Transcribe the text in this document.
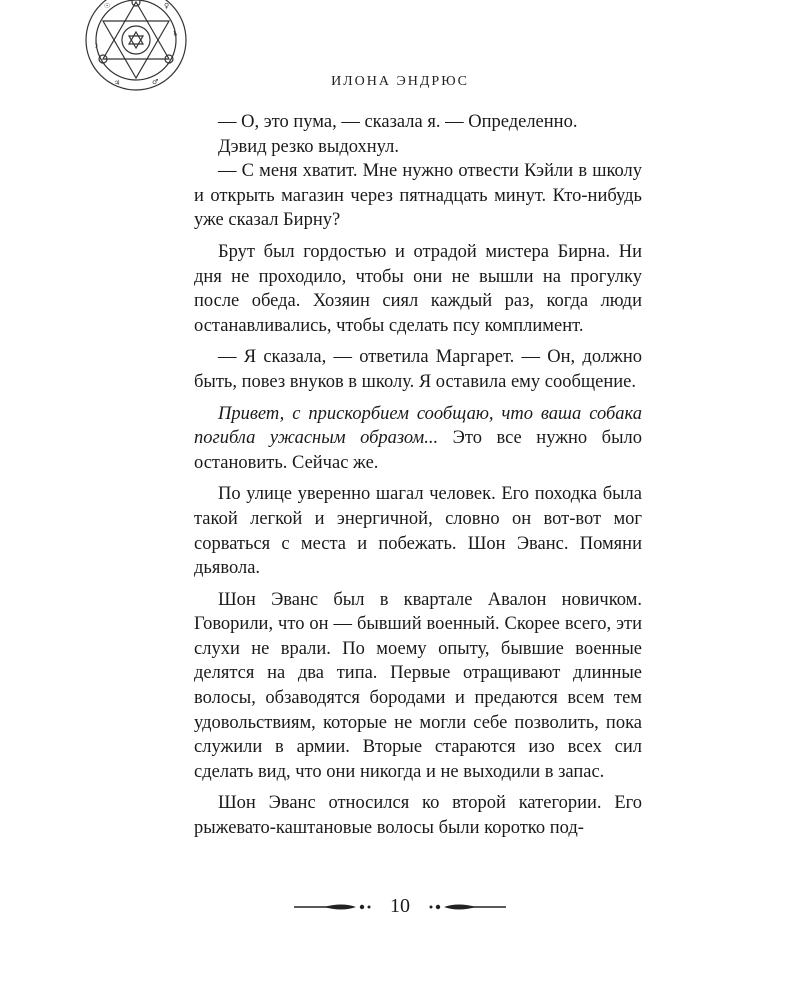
☽
♄
♃	♂
☉	♀
ИЛОНА ЭНДРЮС

— О, это пума, — сказала я. — Определенно.

Дэвид резко выдохнул.

— С меня хватит. Мне нужно отвести Кэйли в школу и открыть магазин через пятнадцать минут. Кто-нибудь уже сказал Бирну?

Брут был гордостью и отрадой мистера Бирна. Ни дня не проходило, чтобы они не вышли на прогулку после обеда. Хозяин сиял каждый раз, когда люди останавливались, чтобы сделать псу комплимент.

— Я сказала, — ответила Маргарет. — Он, должно быть, повез внуков в школу. Я оставила ему сообщение.

Привет, с прискорбием сообщаю, что ваша собака погибла ужасным образом... Это все нужно было остановить. Сейчас же.

По улице уверенно шагал человек. Его походка была такой легкой и энергичной, словно он вот-вот мог сорваться с места и побежать. Шон Эванс. Помяни дьявола.

Шон Эванс был в квартале Авалон новичком. Говорили, что он — бывший военный. Скорее всего, эти слухи не врали. По моему опыту, бывшие военные делятся на два типа. Первые отращивают длинные волосы, обзаводятся бородами и предаются всем тем удовольствиям, которые не могли себе позволить, пока служили в армии. Вторые стараются изо всех сил сделать вид, что они никогда и не выходили в запас.

Шон Эванс относился ко второй категории. Его рыжевато-каштановые волосы были коротко под-

10
